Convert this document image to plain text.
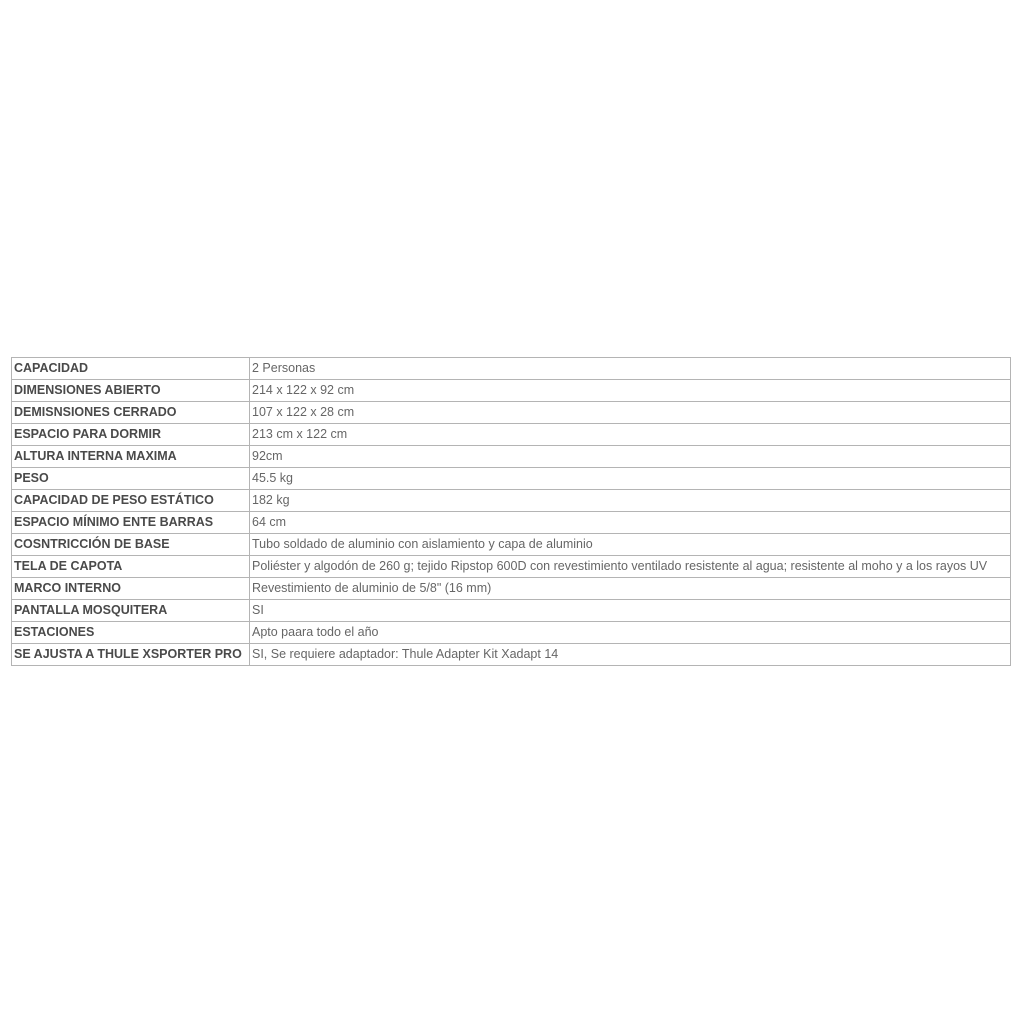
CAPACIDAD	2 Personas
DIMENSIONES ABIERTO	214 x 122 x 92 cm
DEMISNSIONES CERRADO	107 x 122 x 28 cm
ESPACIO PARA DORMIR	213 cm x 122 cm
ALTURA INTERNA MAXIMA	92cm
PESO	45.5 kg
CAPACIDAD DE PESO ESTÁTICO	182 kg
ESPACIO MÍNIMO ENTE BARRAS	64 cm
COSNTRICCIÓN DE BASE	Tubo soldado de aluminio con aislamiento y capa de aluminio
TELA DE CAPOTA	Poliéster y algodón de 260 g; tejido Ripstop 600D con revestimiento ventilado resistente al agua; resistente al moho y a los rayos UV
MARCO INTERNO	Revestimiento de aluminio de 5/8" (16 mm)
PANTALLA MOSQUITERA	SI
ESTACIONES	Apto paara todo el año
SE AJUSTA A THULE XSPORTER PRO	SI, Se requiere adaptador: Thule Adapter Kit Xadapt 14
